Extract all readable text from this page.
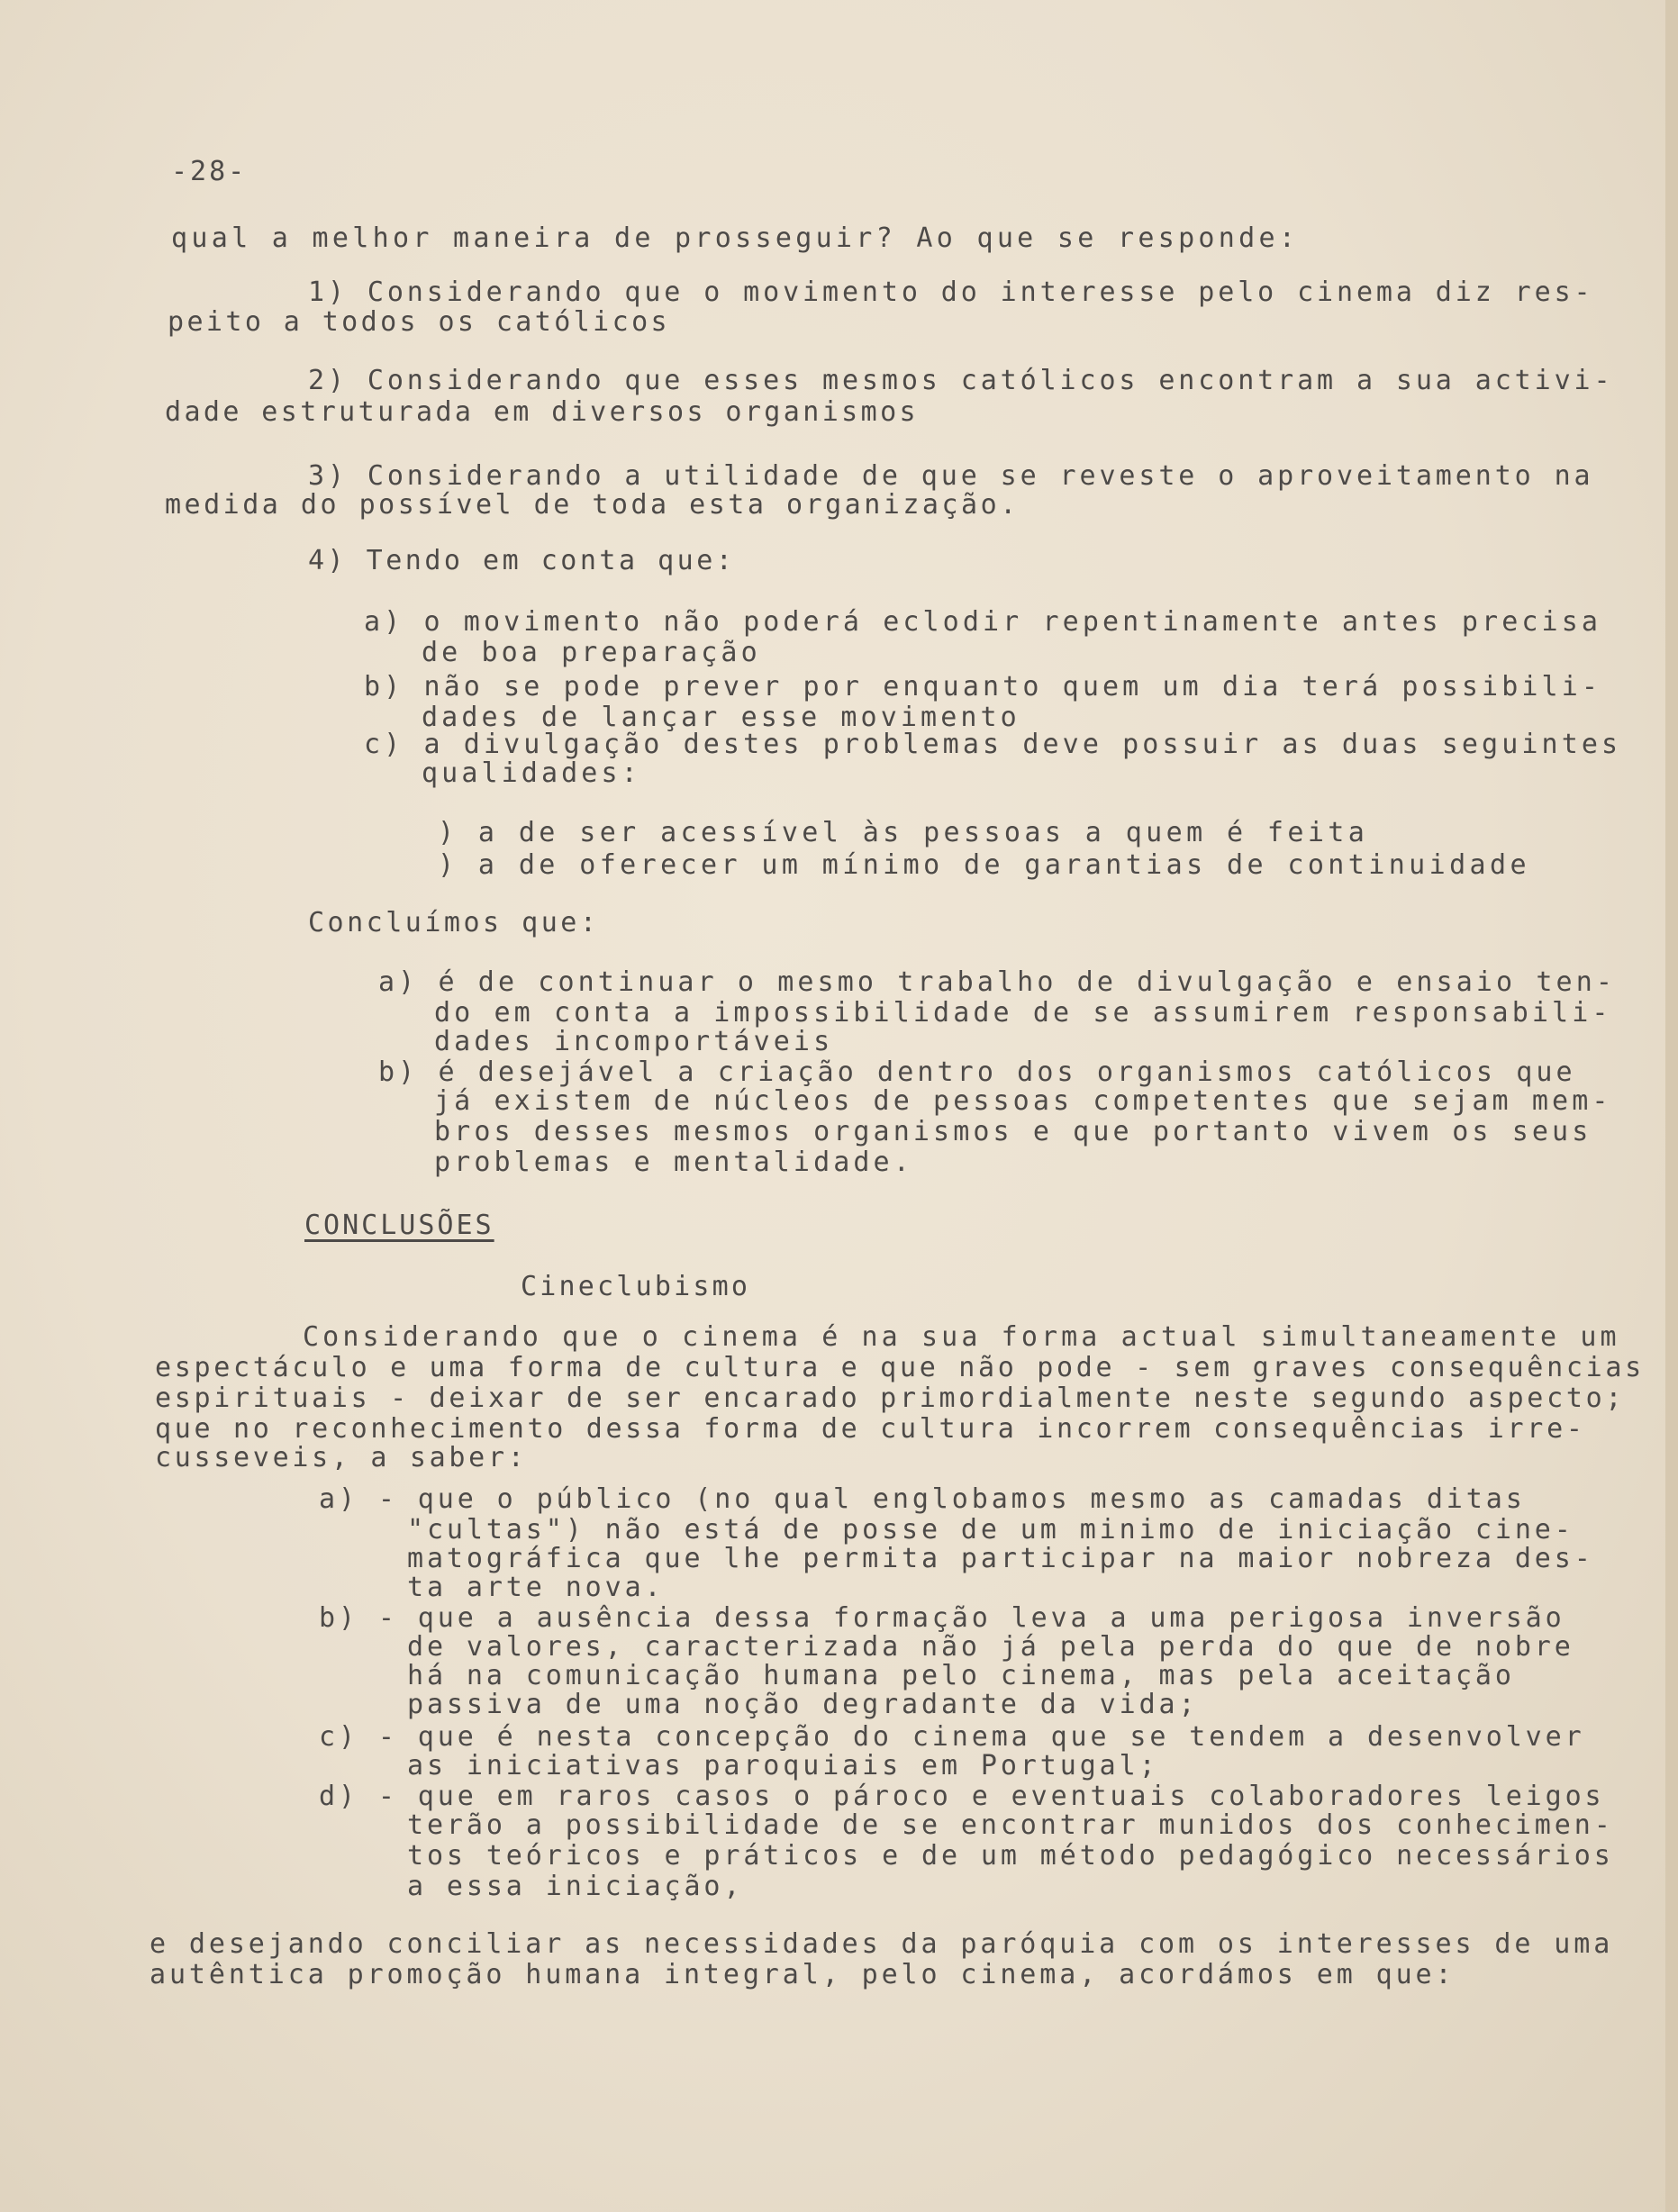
-28-
qual a melhor maneira de prosseguir? Ao que se responde:
1) Considerando que o movimento do interesse pelo cinema diz res-
peito a todos os católicos
2) Considerando que esses mesmos católicos encontram a sua activi-
dade estruturada em diversos organismos
3) Considerando a utilidade de que se reveste o aproveitamento na
medida do possível de toda esta organização.
4) Tendo em conta que:
a) o movimento não poderá eclodir repentinamente antes precisa
de boa preparação
b) não se pode prever por enquanto quem um dia terá possibili-
dades de lançar esse movimento
c) a divulgação destes problemas deve possuir as duas seguintes
qualidades:
) a de ser acessível às pessoas a quem é feita
) a de oferecer um mínimo de garantias de continuidade
Concluímos que:
a) é de continuar o mesmo trabalho de divulgação e ensaio ten-
do em conta a impossibilidade de se assumirem responsabili-
dades incomportáveis
b) é desejável a criação dentro dos organismos católicos que
já existem de núcleos de pessoas competentes que sejam mem-
bros desses mesmos organismos e que portanto vivem os seus
problemas e mentalidade.
CONCLUSÕES
Cineclubismo
Considerando que o cinema é na sua forma actual simultaneamente um
espectáculo e uma forma de cultura e que não pode - sem graves consequências
espirituais - deixar de ser encarado primordialmente neste segundo aspecto;
que no reconhecimento dessa forma de cultura incorrem consequências irre-
cusseveis, a saber:
a) - que o público (no qual englobamos mesmo as camadas ditas
"cultas") não está de posse de um minimo de iniciação cine-
matográfica que lhe permita participar na maior nobreza des-
ta arte nova.
b) - que a ausência dessa formação leva a uma perigosa inversão
de valores, caracterizada não já pela perda do que de nobre
há na comunicação humana pelo cinema, mas pela aceitação
passiva de uma noção degradante da vida;
c) - que é nesta concepção do cinema que se tendem a desenvolver
as iniciativas paroquiais em Portugal;
d) - que em raros casos o pároco e eventuais colaboradores leigos
terão a possibilidade de se encontrar munidos dos conhecimen-
tos teóricos e práticos e de um método pedagógico necessários
a essa iniciação,
e desejando conciliar as necessidades da paróquia com os interesses de uma
autêntica promoção humana integral, pelo cinema, acordámos em que:
